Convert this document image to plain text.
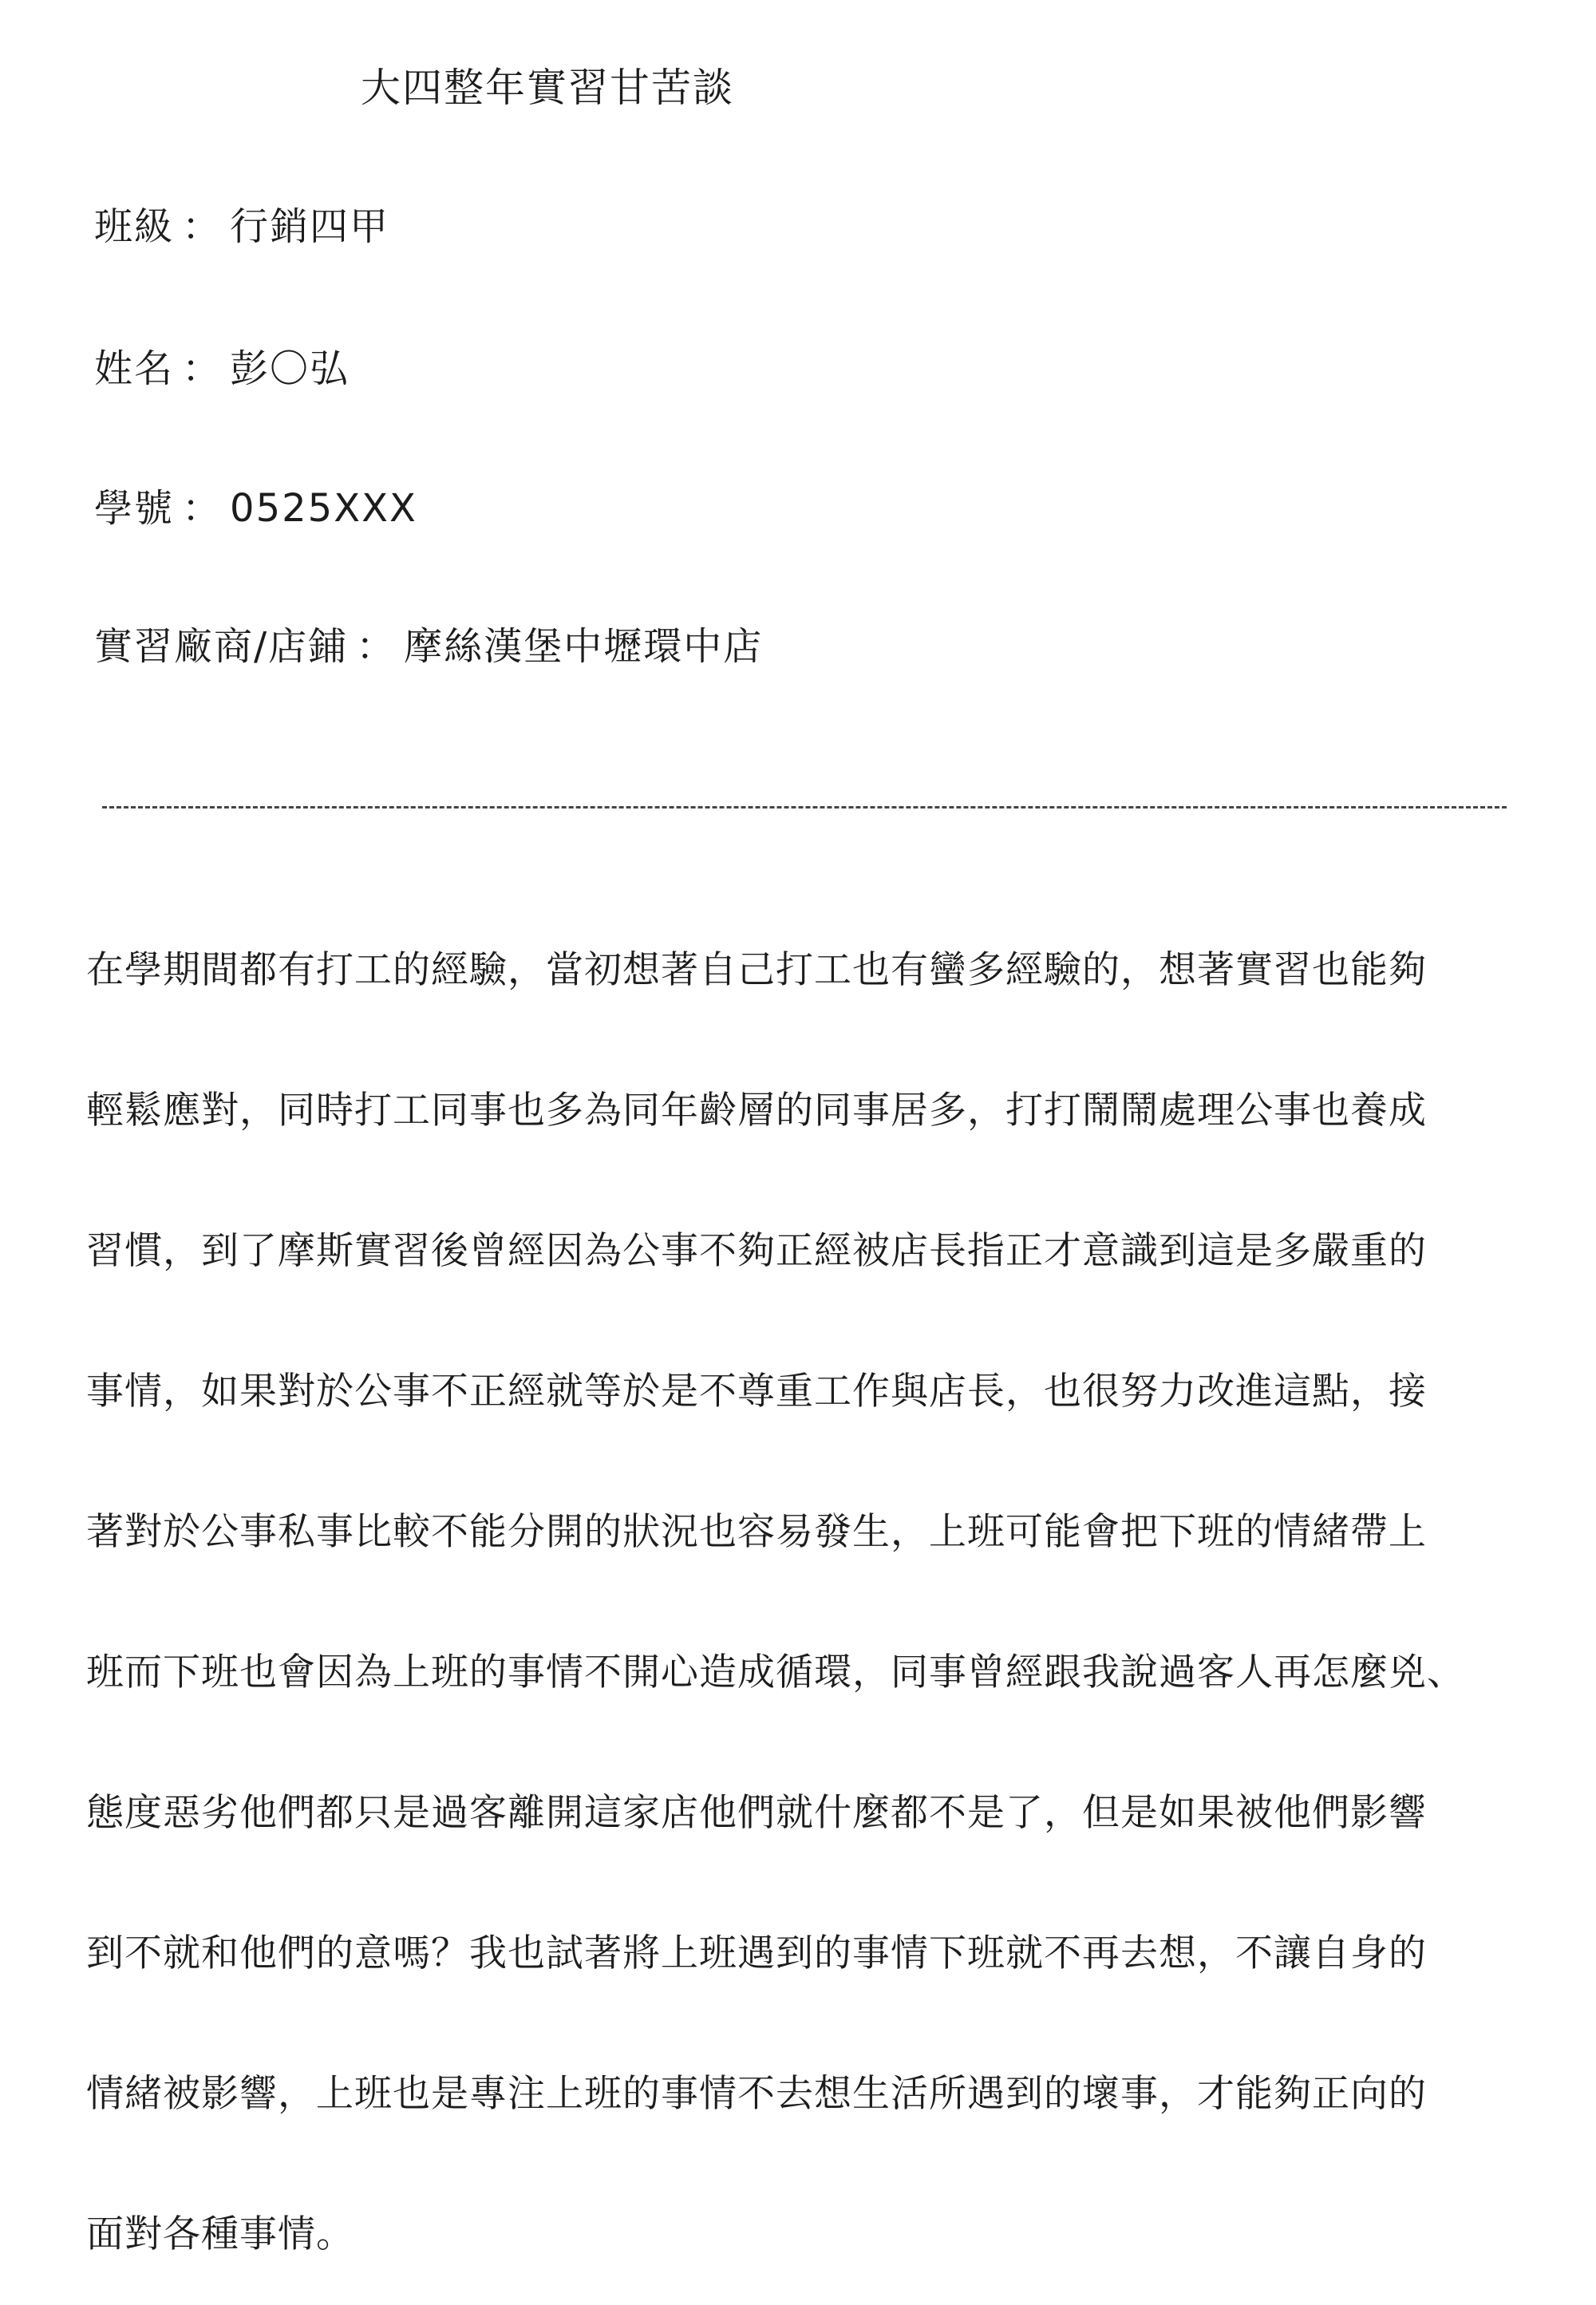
大四整年實習甘苦談
班級 ： 行銷四甲
姓名 ： 彭〇弘
學號 ： 0525XXX
實習廠商/店鋪 ： 摩絲漢堡中壢環中店
在學期間都有打工的經驗，當初想著自己打工也有蠻多經驗的，想著實習也能夠
輕鬆應對，同時打工同事也多為同年齡層的同事居多，打打鬧鬧處理公事也養成
習慣，到了摩斯實習後曾經因為公事不夠正經被店長指正才意識到這是多嚴重的
事情，如果對於公事不正經就等於是不尊重工作與店長，也很努力改進這點，接
著對於公事私事比較不能分開的狀況也容易發生，上班可能會把下班的情緒帶上
班而下班也會因為上班的事情不開心造成循環，同事曾經跟我說過客人再怎麼兇、
態度惡劣他們都只是過客離開這家店他們就什麼都不是了，但是如果被他們影響
到不就和他們的意嗎？我也試著將上班遇到的事情下班就不再去想，不讓自身的
情緒被影響，上班也是專注上班的事情不去想生活所遇到的壞事，才能夠正向的
面對各種事情。
